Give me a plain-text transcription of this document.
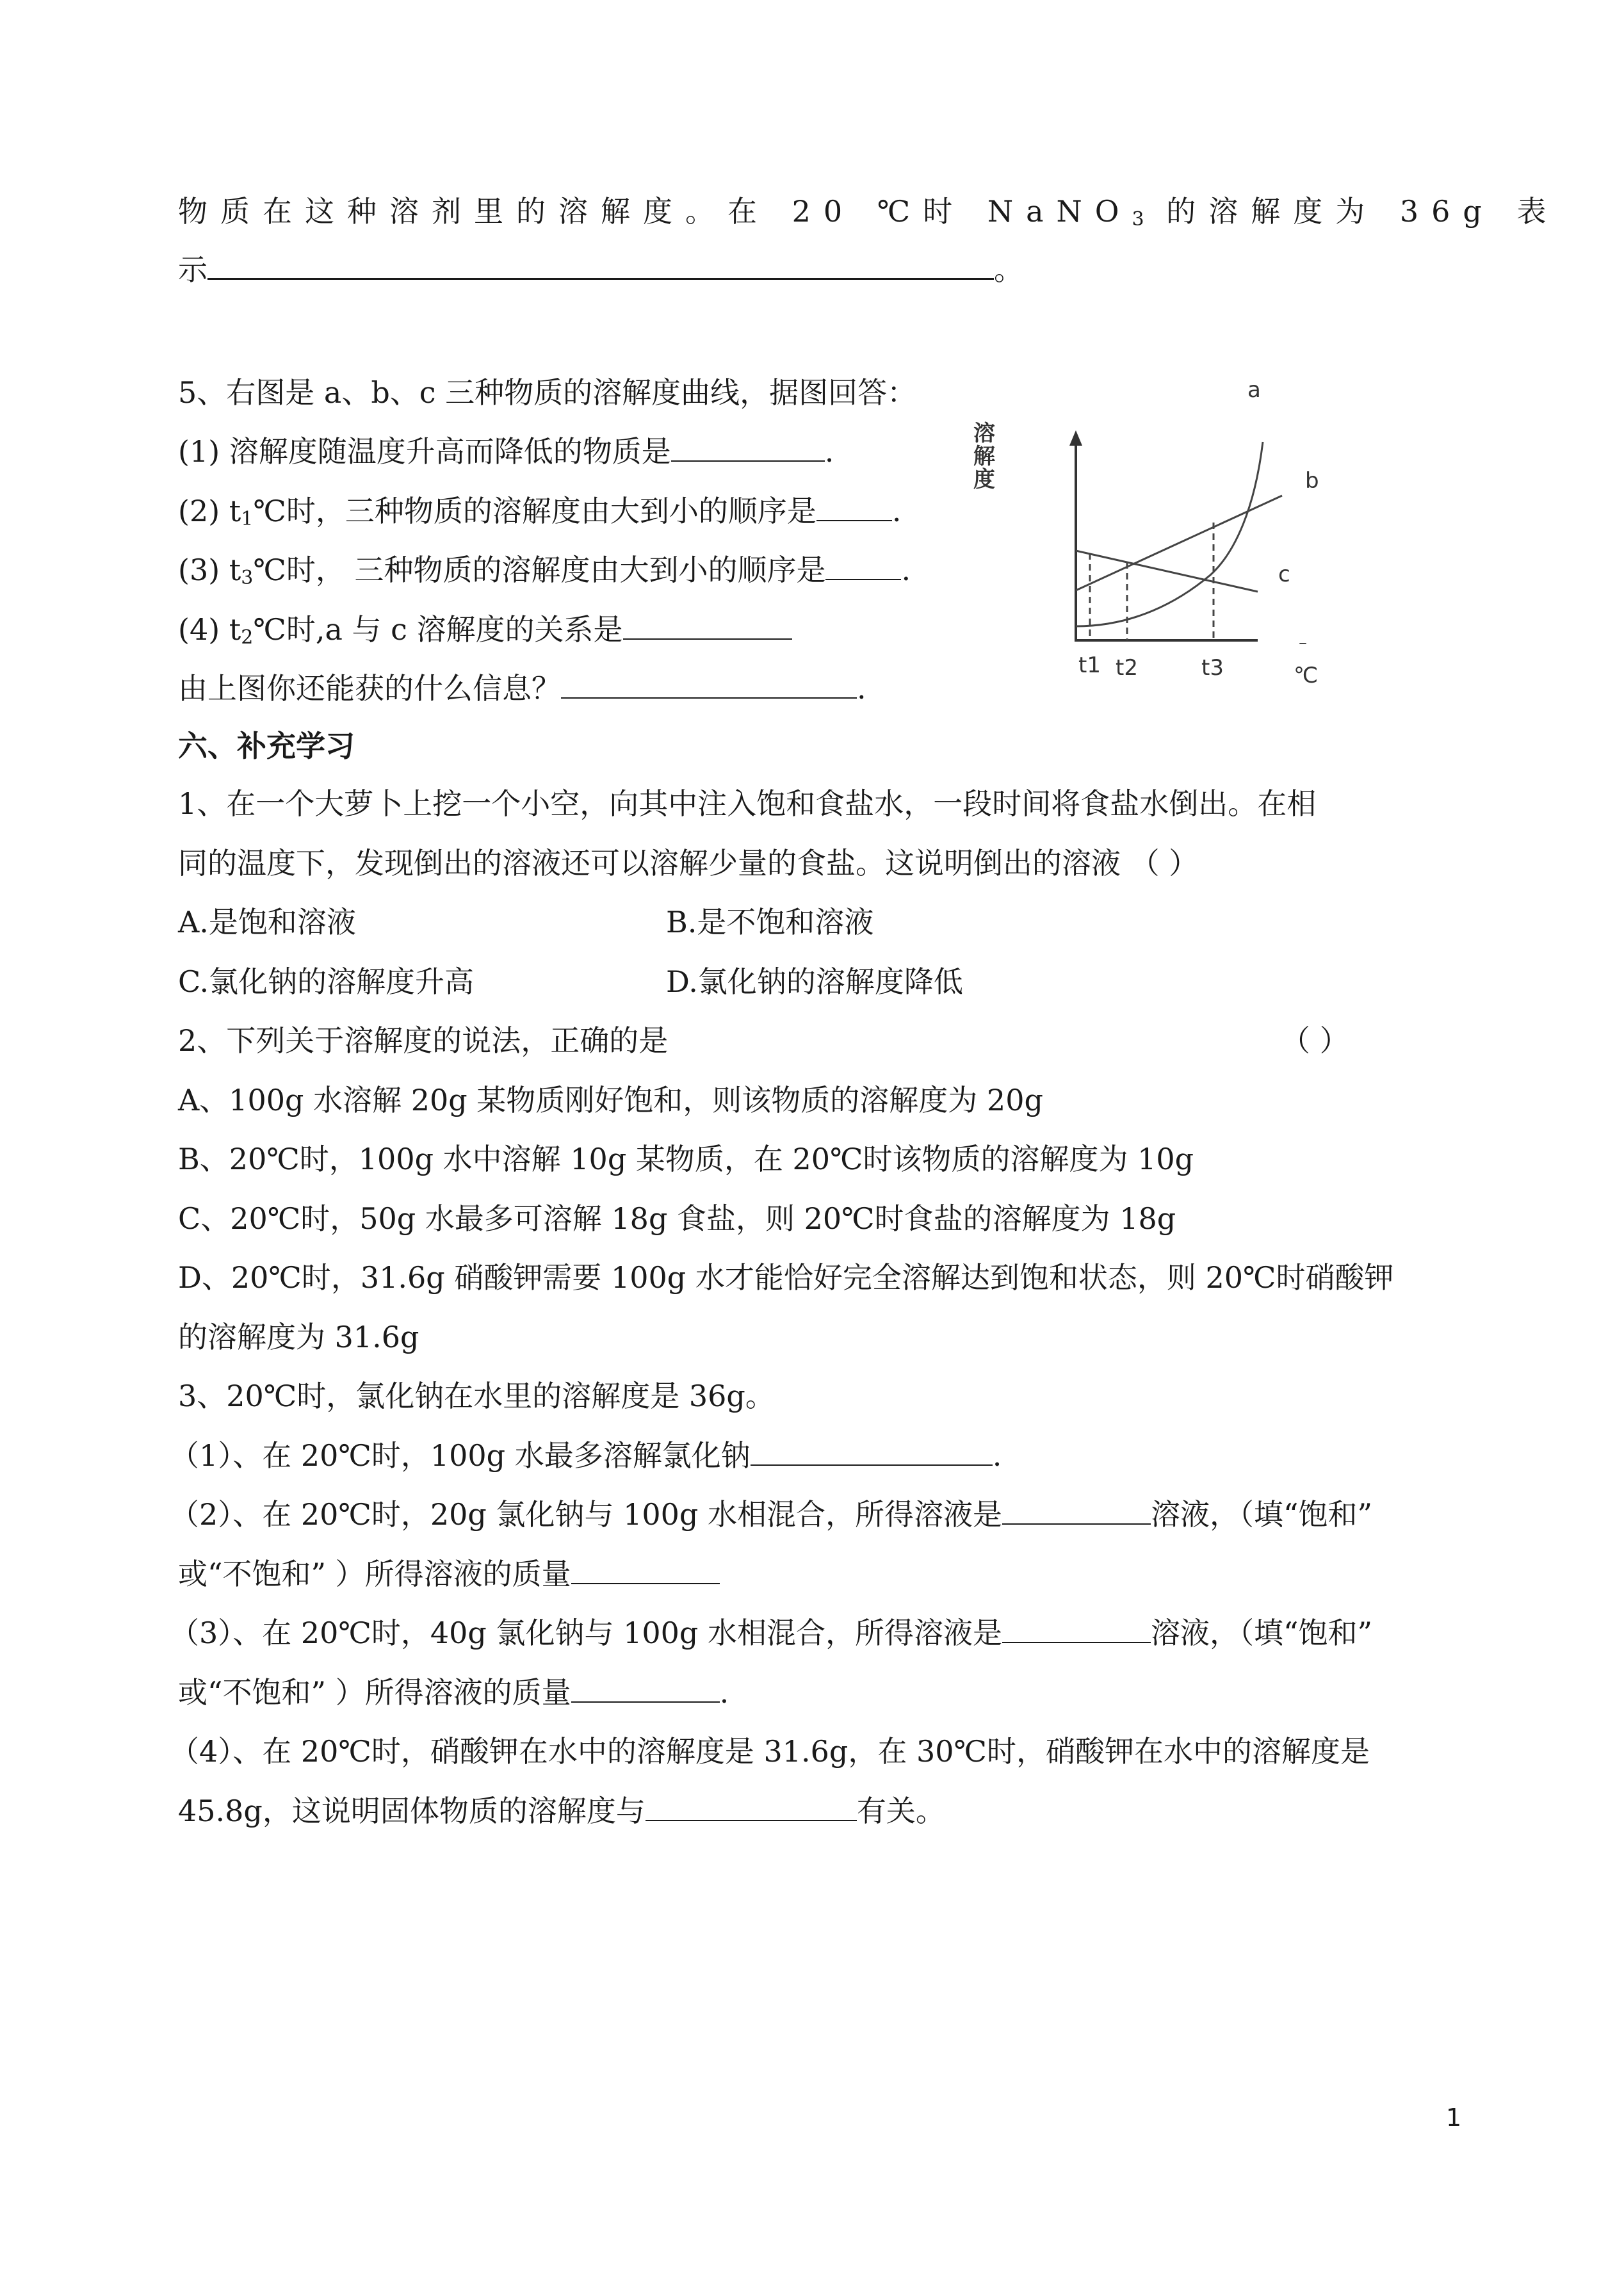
物质在这种溶剂里的溶解度。在 20 ℃时 NaNO$_3$ 的溶解度为 36g 表
示	。
5、右图是 a、b、c 三种物质的溶解度曲线，据图回答：
(1) 溶解度随温度升高而降低的物质是	.
(2) $t_1℃$时，三种物质的溶解度由大到小的顺序是	.
(3) $t_3℃$时， 三种物质的溶解度由大到小的顺序是	.
(4) $t_2℃$时,a 与 c 溶解度的关系是
由上图你还能获的什么信息？	.
溶
解
度
a
b
c
t1 t2	t3
–
℃
六、补充学习
1、在一个大萝卜上挖一个小空，向其中注入饱和食盐水，一段时间将食盐水倒出。在相
同的温度下，发现倒出的溶液还可以溶解少量的食盐。这说明倒出的溶液 （ ）
A.是饱和溶液	B.是不饱和溶液
C.氯化钠的溶解度升高	D.氯化钠的溶解度降低
2、下列关于溶解度的说法，正确的是	（ ）
A、100g 水溶解 20g 某物质刚好饱和，则该物质的溶解度为 20g
B、20℃时，100g 水中溶解 10g 某物质，在 20℃时该物质的溶解度为 10g
C、20℃时，50g 水最多可溶解 18g 食盐，则 20℃时食盐的溶解度为 18g
D、20℃时，31.6g 硝酸钾需要 100g 水才能恰好完全溶解达到饱和状态，则 20℃时硝酸钾
的溶解度为 31.6g
3、20℃时，氯化钠在水里的溶解度是 36g。
（1）、在 20℃时，100g 水最多溶解氯化钠	.
（2）、在 20℃时，20g 氯化钠与 100g 水相混合，所得溶液是	溶液，（填“饱和”
或“不饱和” ）所得溶液的质量
（3）、在 20℃时，40g 氯化钠与 100g 水相混合，所得溶液是	溶液，（填“饱和”
或“不饱和” ）所得溶液的质量	.
（4）、在 20℃时，硝酸钾在水中的溶解度是 31.6g，在 30℃时，硝酸钾在水中的溶解度是
45.8g，这说明固体物质的溶解度与	有关。
1
